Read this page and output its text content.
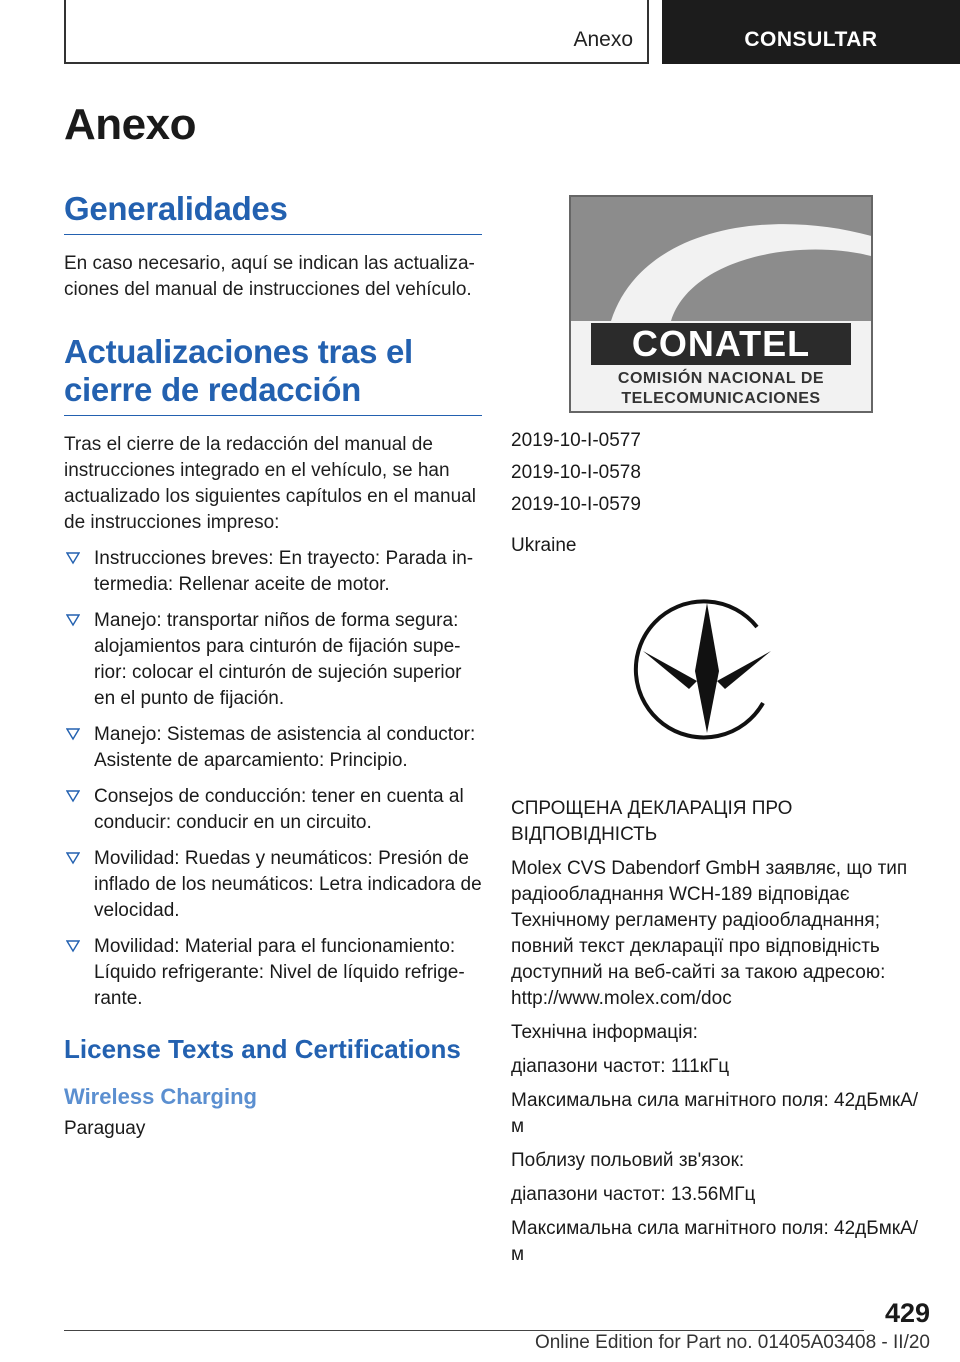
Anexo	CONSULTAR
Anexo
Generalidades

En caso necesario, aquí se indican las actualiza-ciones del manual de instrucciones del vehículo.

Actualizaciones tras el cierre de redacción

Tras el cierre de la redacción del manual de instrucciones integrado en el vehículo, se han actualizado los siguientes capítulos en el manual de instrucciones impreso:

Instrucciones breves: En trayecto: Parada in-termedia: Rellenar aceite de motor.
Manejo: transportar niños de forma segura: alojamientos para cinturón de fijación supe-rior: colocar el cinturón de sujeción superior en el punto de fijación.
Manejo: Sistemas de asistencia al conductor: Asistente de aparcamiento: Principio.
Consejos de conducción: tener en cuenta al conducir: conducir en un circuito.
Movilidad: Ruedas y neumáticos: Presión de inflado de los neumáticos: Letra indicadora de velocidad.
Movilidad: Material para el funcionamiento: Líquido refrigerante: Nivel de líquido refrige-rante.
License Texts and Certifications
Wireless Charging

Paraguay

CONATEL
COMISIÓN NACIONAL DE
TELECOMUNICACIONES
2019-10-I-0577
2019-10-I-0578
2019-10-I-0579

Ukraine

СПРОЩЕНА ДЕКЛАРАЦІЯ ПРО ВІДПОВІДНІСТЬ

Molex CVS Dabendorf GmbH заявляє, що тип радіообладнання WCH-189 відповідає Технічному регламенту радіообладнання; повний текст декларації про відповідність доступний на веб-сайті за такою адресою: http://www.molex.com/doc

Технічна інформація:

діапазони частот: 111кГц

Максимальна сила магнітного поля: 42дБмкА/м

Поблизу польовий зв'язок:

діапазони частот: 13.56МГц

Максимальна сила магнітного поля: 42дБмкА/м

429
Online Edition for Part no. 01405A03408 - II/20
